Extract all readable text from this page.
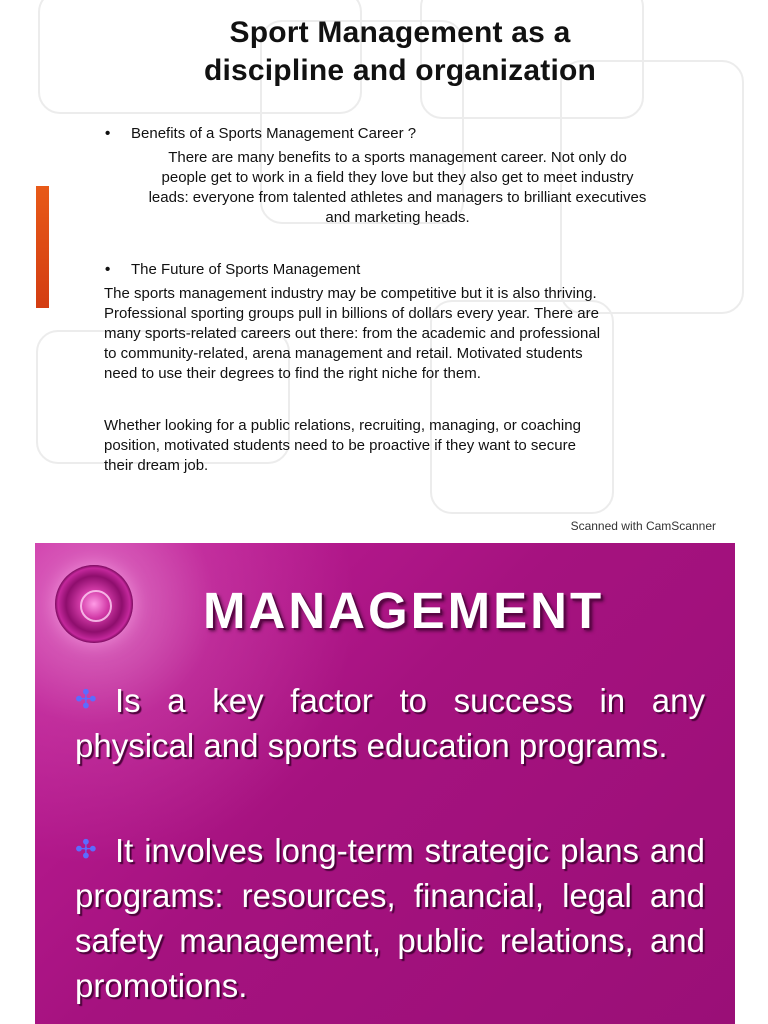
Sport Management as a
discipline and organization
• Benefits of a Sports Management Career ?
There are many benefits to a sports management career. Not only do
people get to work in a field they love but they also get to meet industry
leads: everyone from talented athletes and managers to brilliant executives
and marketing heads.
• The Future of Sports Management
The sports management industry may be competitive but it is also thriving.
Professional sporting groups pull in billions of dollars every year. There are
many sports-related careers out there: from the academic and professional
to community-related, arena management and retail. Motivated students
need to use their degrees to find the right niche for them.
Whether looking for a public relations, recruiting, managing, or coaching
position, motivated students need to be proactive if they want to secure
their dream job.
Scanned with CamScanner
MANAGEMENT
✣ Is a key factor to success in any physical and sports education programs.
✣ It involves long-term strategic plans and programs: resources, financial, legal and safety management, public relations, and promotions.
